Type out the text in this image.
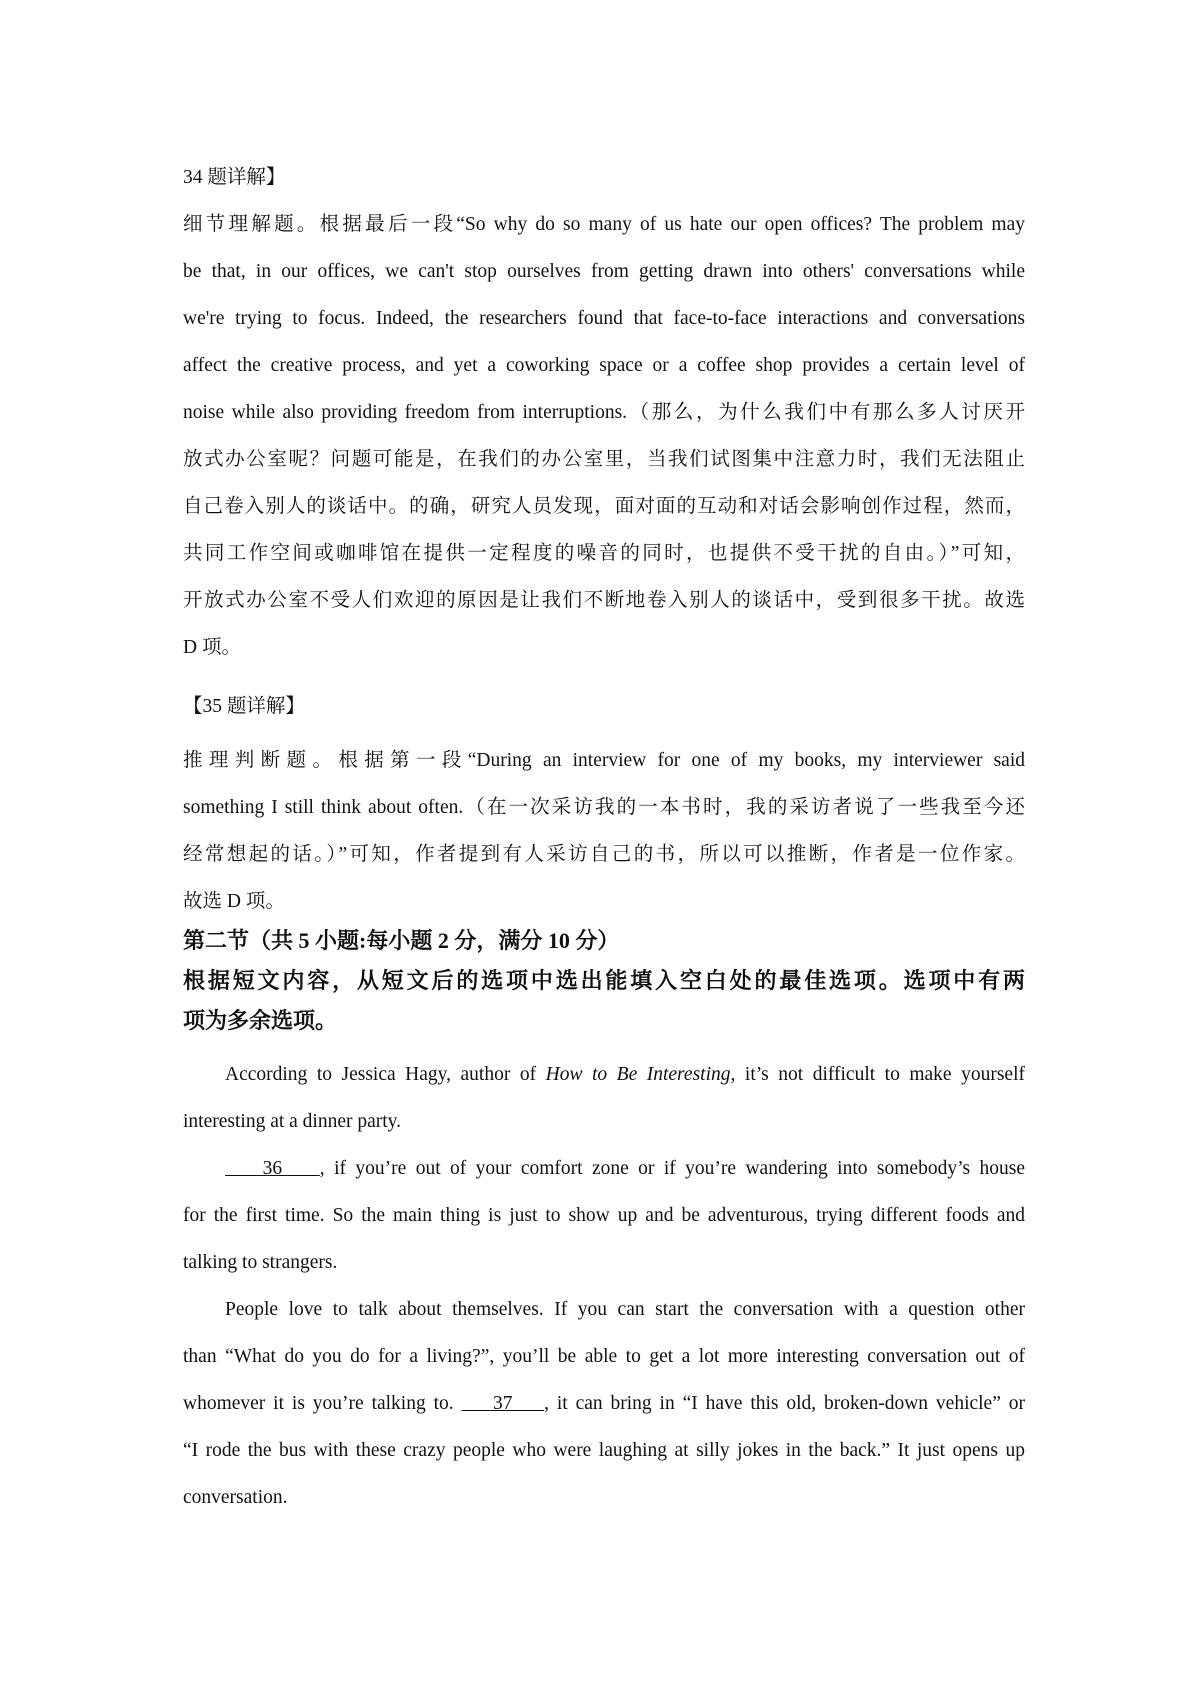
34 题详解】
细节理解题。根据最后一段“So why do so many of us hate our open offices? The problem may
be that, in our offices, we can't stop ourselves from getting drawn into others' conversations while
we're trying to focus. Indeed, the researchers found that face-to-face interactions and conversations
affect the creative process, and yet a coworking space or a coffee shop provides a certain level of
noise while also providing freedom from interruptions.（那么，为什么我们中有那么多人讨厌开
放式办公室呢？问题可能是，在我们的办公室里，当我们试图集中注意力时，我们无法阻止
自己卷入别人的谈话中。的确，研究人员发现，面对面的互动和对话会影响创作过程，然而，
共同工作空间或咖啡馆在提供一定程度的噪音的同时，也提供不受干扰的自由。）”可知，
开放式办公室不受人们欢迎的原因是让我们不断地卷入别人的谈话中，受到很多干扰。故选
D 项。
【35 题详解】
推理判断题。根据第一段“During an interview for one of my books, my interviewer said
something I still think about often.（在一次采访我的一本书时，我的采访者说了一些我至今还
经常想起的话。）”可知，作者提到有人采访自己的书，所以可以推断，作者是一位作家。
故选 D 项。
第二节（共 5 小题:每小题 2 分，满分 10 分）
根据短文内容，从短文后的选项中选出能填入空白处的最佳选项。选项中有两
项为多余选项。
According to Jessica Hagy, author of How to Be Interesting, it’s not difficult to make yourself
interesting at a dinner party.
36    , if you’re out of your comfort zone or if you’re wandering into somebody’s house
for the first time. So the main thing is just to show up and be adventurous, trying different foods and
talking to strangers.
People love to talk about themselves. If you can start the conversation with a question other
than “What do you do for a living?”, you’ll be able to get a lot more interesting conversation out of
whomever it is you’re talking to.     37    , it can bring in “I have this old, broken-down vehicle” or
“I rode the bus with these crazy people who were laughing at silly jokes in the back.” It just opens up
conversation.
